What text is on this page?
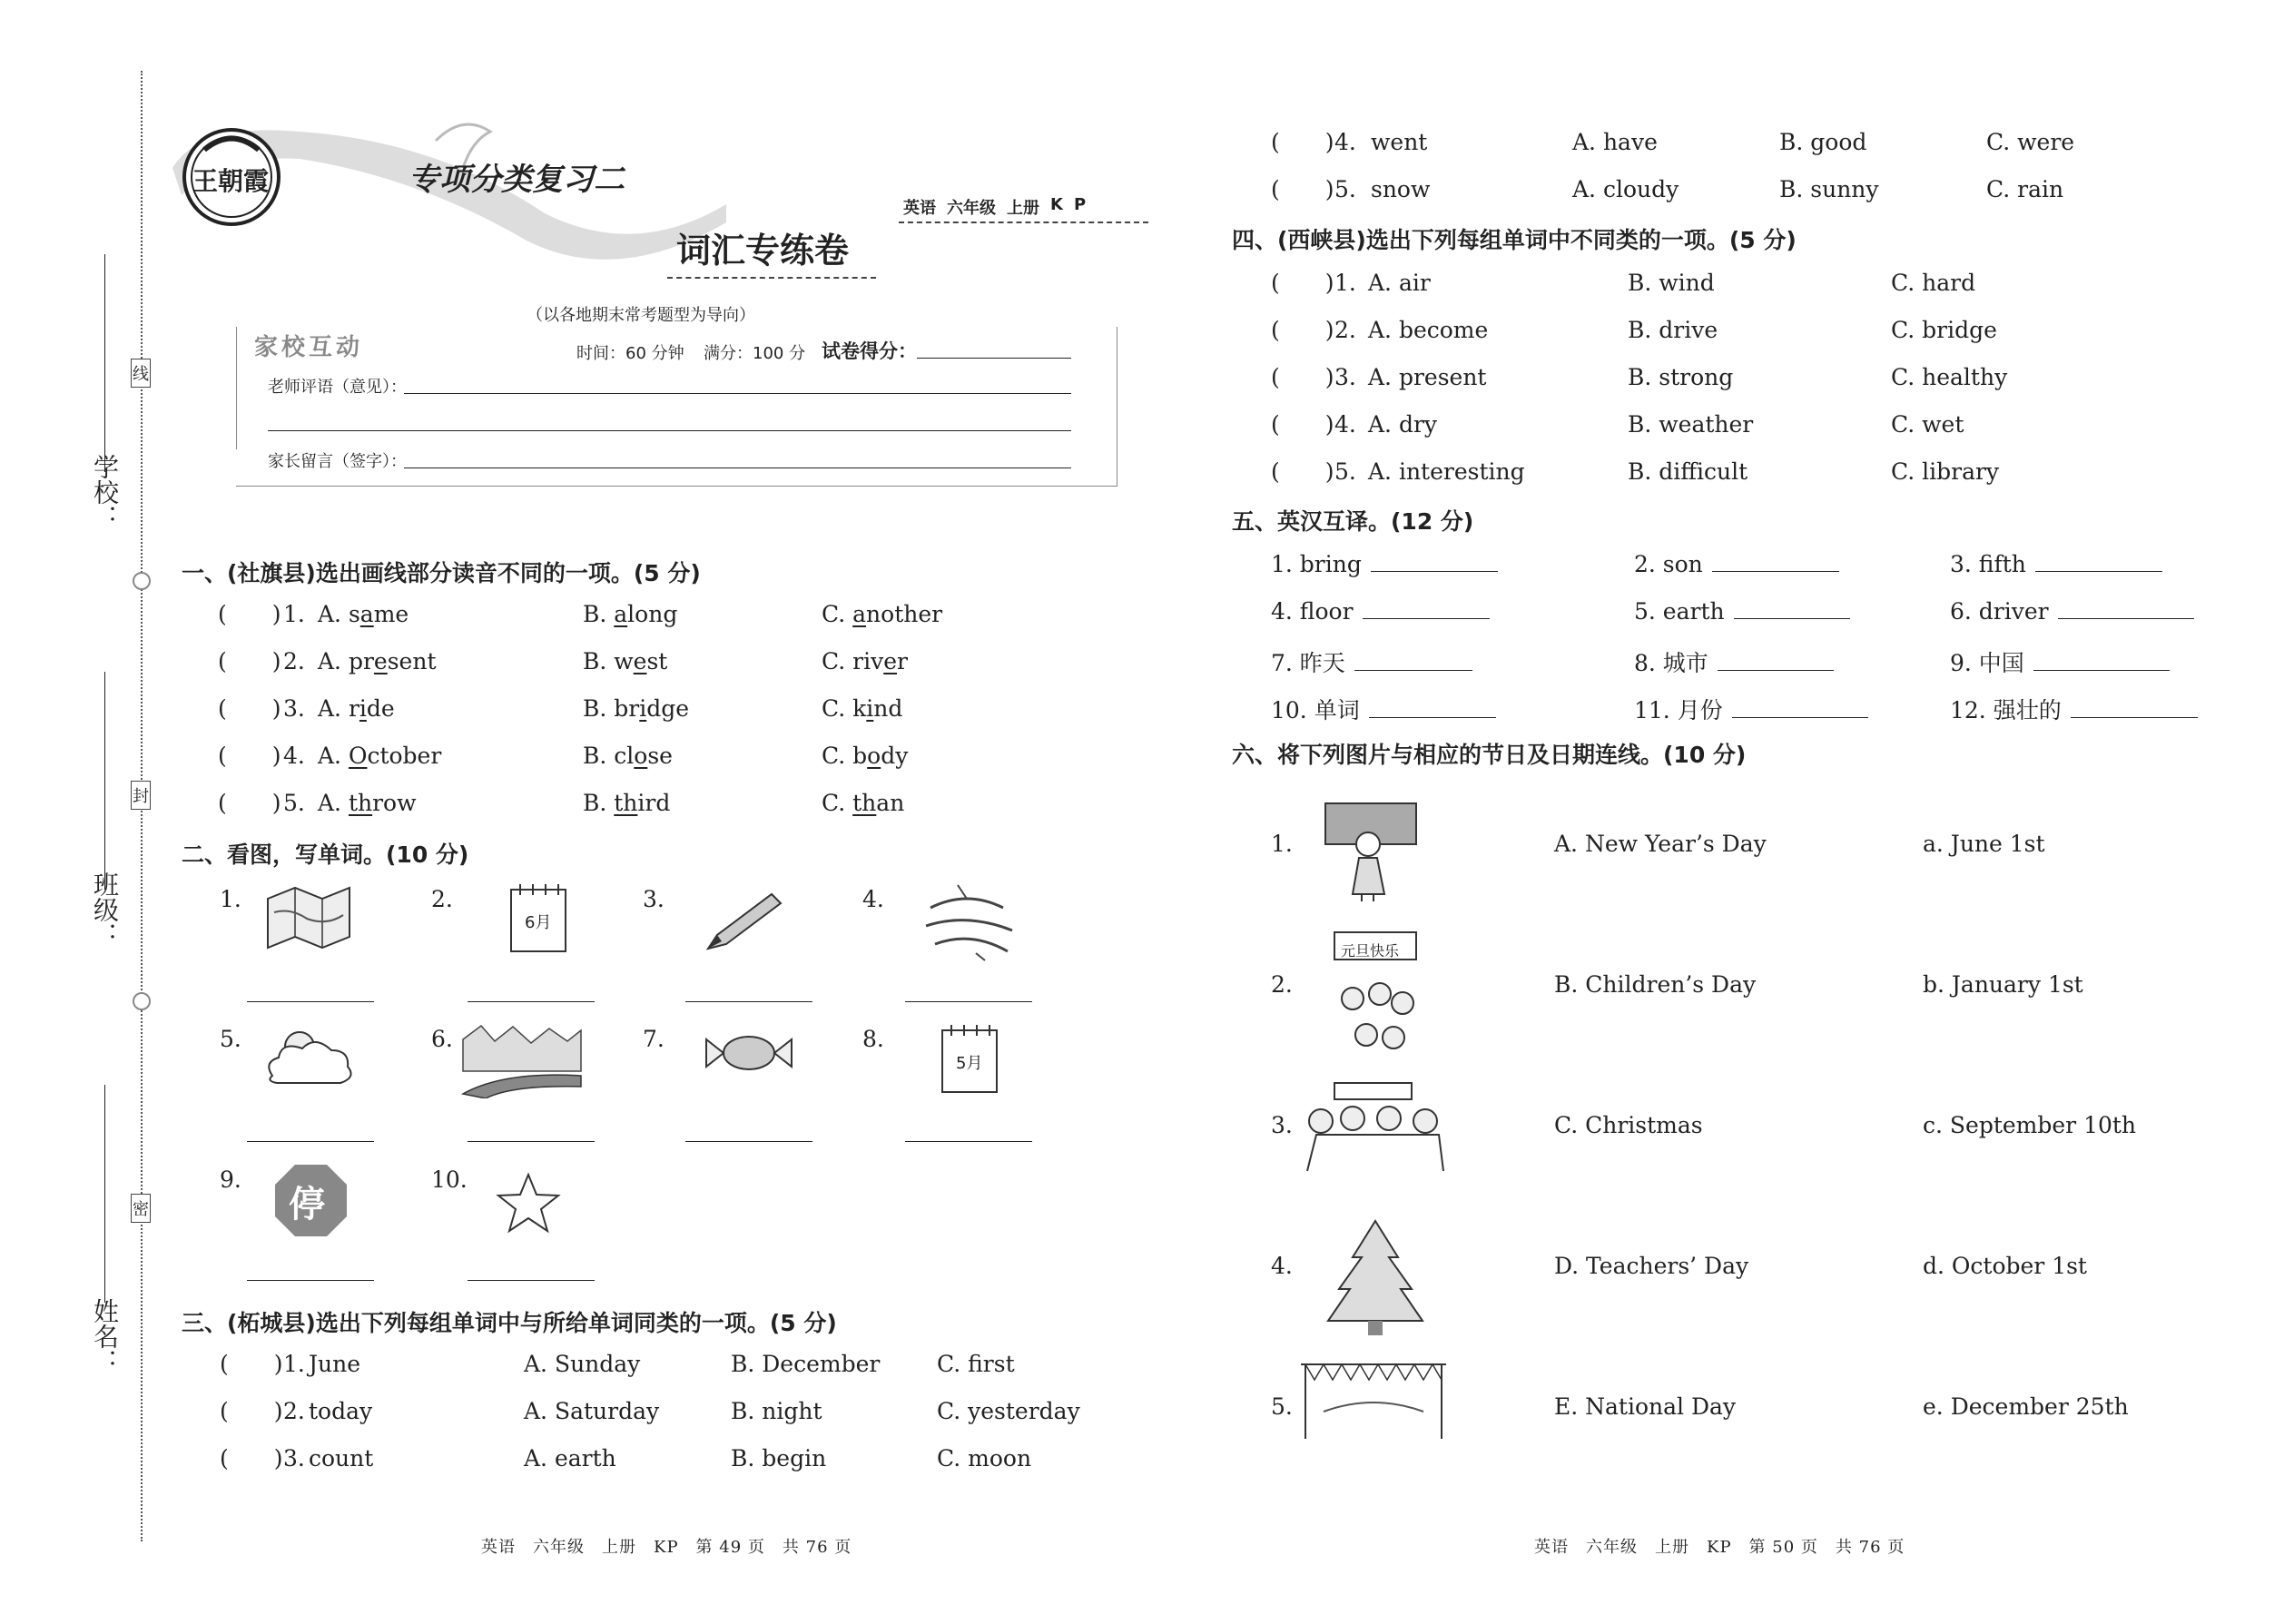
学校：
班级：
姓名：
线
封
密
王朝霞	专项分类复习二
英语 六年级 上册 K P
词汇专练卷
（以各地期末常考题型为导向）
家校互动	时间：60 分钟 满分：100 分 试卷得分：
老师评语（意见）：
家长留言（签字）：
一、(社旗县)选出画线部分读音不同的一项。(5 分)
(  ) 1. A. same	B. along	C. another
(  ) 2. A. present	B. west	C. river
(  ) 3. A. ride	B. bridge	C. kind
(  ) 4. A. October	B. close	C. body
(  ) 5. A. throw	B. third	C. than
二、看图，写单词。(10 分)
1.	2.
6月
3.	4.
5.	6.	7.	8.
5月
9.
停
10.
三、(柘城县)选出下列每组单词中与所给单词同类的一项。(5 分)
(  ) 1. June	A. Sunday	B. December	C. first
(  ) 2. today	A. Saturday	B. night	C. yesterday
(  ) 3. count	A. earth	B. begin	C. moon
(  ) 4. went	A. have	B. good	C. were
(  ) 5. snow	A. cloudy	B. sunny	C. rain
四、(西峡县)选出下列每组单词中不同类的一项。(5 分)
(  ) 1. A. air	B. wind	C. hard
(  ) 2. A. become	B. drive	C. bridge
(  ) 3. A. present	B. strong	C. healthy
(  ) 4. A. dry	B. weather	C. wet
(  ) 5. A. interesting	B. difficult	C. library
五、英汉互译。(12 分)
1. bring	2. son	3. fifth
4. floor	5. earth	6. driver
7. 昨天	8. 城市	9. 中国
10. 单词	11. 月份	12. 强壮的
六、将下列图片与相应的节日及日期连线。(10 分)
1.	A. New Year’s Day	a. June 1st
2.	B. Children’s Day	b. January 1st
3.	C. Christmas	c. September 10th
4.	D. Teachers’ Day	d. October 1st
5.	E. National Day	e. December 25th
元旦快乐
英语　六年级　上册　KP　第 49 页　共 76 页	英语　六年级　上册　KP　第 50 页　共 76 页
